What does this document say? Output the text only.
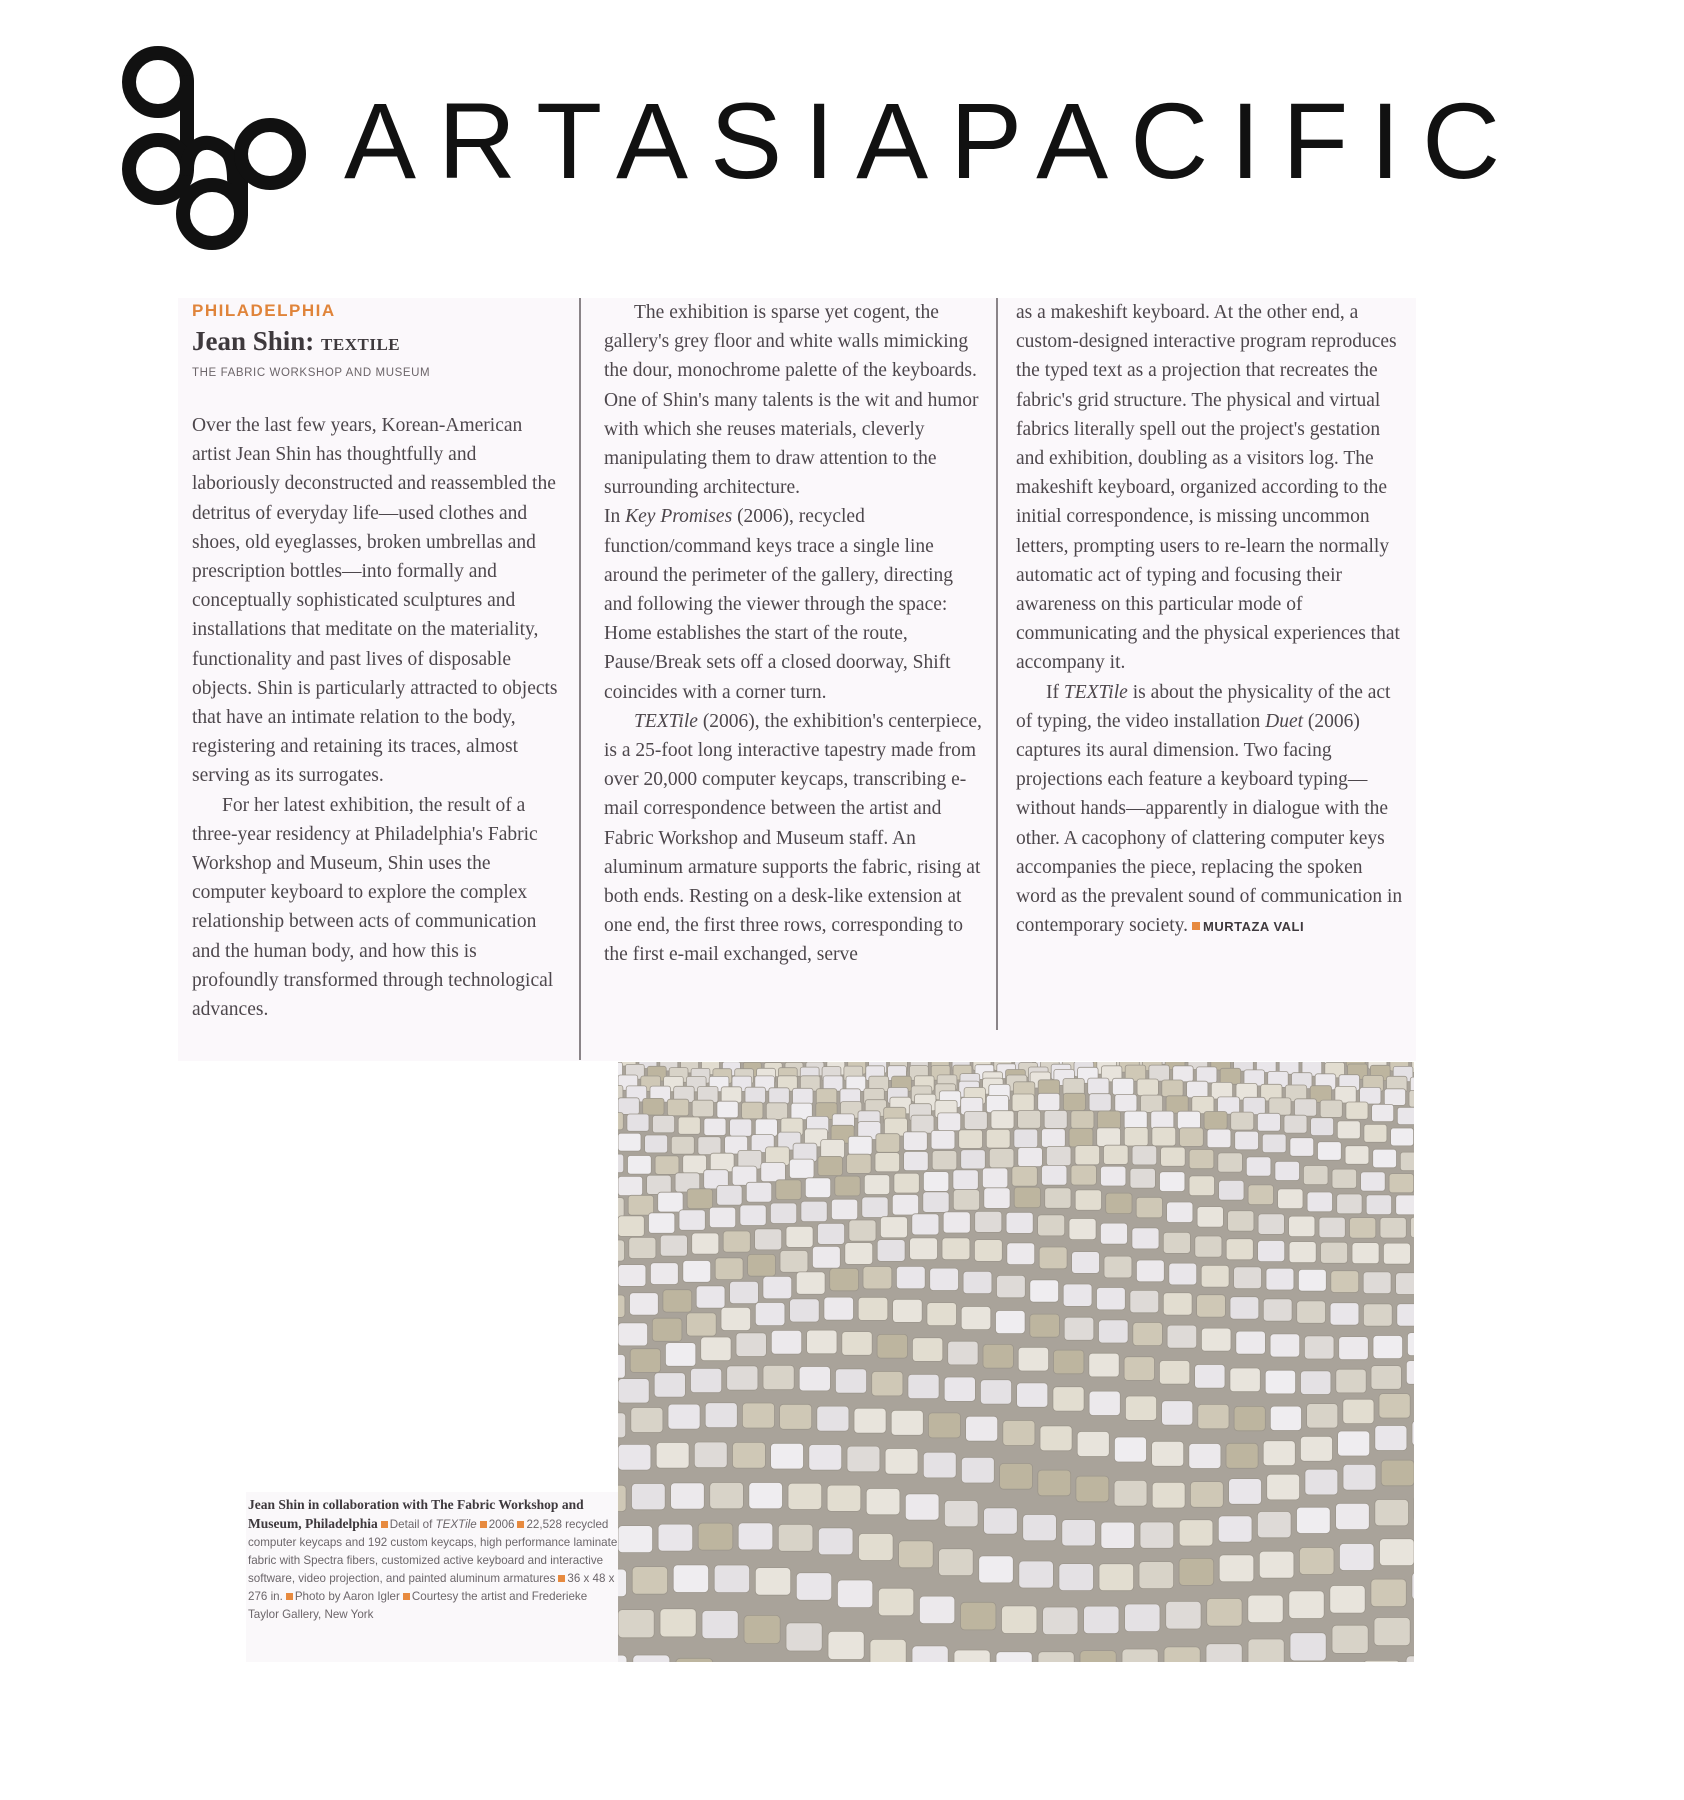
ARTASIAPACIFIC
PHILADELPHIA
Jean Shin: TEXTILE
THE FABRIC WORKSHOP AND MUSEUM

Over the last few years, Korean-American artist Jean Shin has thoughtfully and laboriously deconstructed and reassembled the detritus of everyday life—used clothes and shoes, old eyeglasses, broken umbrellas and prescription bottles—into formally and conceptually sophisticated sculptures and installations that meditate on the materiality, functionality and past lives of disposable objects. Shin is particularly attracted to objects that have an intimate relation to the body, registering and retaining its traces, almost serving as its surrogates.

For her latest exhibition, the result of a three-year residency at Philadelphia's Fabric Workshop and Museum, Shin uses the computer keyboard to explore the complex relationship between acts of communication and the human body, and how this is profoundly transformed through technological advances.

The exhibition is sparse yet cogent, the gallery's grey floor and white walls mimicking the dour, monochrome palette of the keyboards. One of Shin's many talents is the wit and humor with which she reuses materials, cleverly manipulating them to draw attention to the surrounding architecture.

In Key Promises (2006), recycled function/command keys trace a single line around the perimeter of the gallery, directing and following the viewer through the space: Home establishes the start of the route, Pause/Break sets off a closed doorway, Shift coincides with a corner turn.

TEXTile (2006), the exhibition's centerpiece, is a 25-foot long interactive tapestry made from over 20,000 computer keycaps, transcribing e-mail correspondence between the artist and Fabric Workshop and Museum staff. An aluminum armature supports the fabric, rising at both ends. Resting on a desk-like extension at one end, the first three rows, corresponding to the first e-mail exchanged, serve

as a makeshift keyboard. At the other end, a custom-designed interactive program reproduces the typed text as a projection that recreates the fabric's grid structure. The physical and virtual fabrics literally spell out the project's gestation and exhibition, doubling as a visitors log. The makeshift keyboard, organized according to the initial correspondence, is missing uncommon letters, prompting users to re-learn the normally automatic act of typing and focusing their awareness on this particular mode of communicating and the physical experiences that accompany it.

If TEXTile is about the physicality of the act of typing, the video installation Duet (2006) captures its aural dimension. Two facing projections each feature a keyboard typing—without hands—apparently in dialogue with the other. A cacophony of clattering computer keys accompanies the piece, replacing the spoken word as the prevalent sound of communication in contemporary society. MURTAZA VALI

Jean Shin in collaboration with The Fabric Workshop and Museum, Philadelphia Detail of TEXTile 2006 22,528 recycled computer keycaps and 192 custom keycaps, high performance laminate fabric with Spectra fibers, customized active keyboard and interactive software, video projection, and painted aluminum armatures 36 x 48 x 276 in. Photo by Aaron Igler Courtesy the artist and Frederieke Taylor Gallery, New York
